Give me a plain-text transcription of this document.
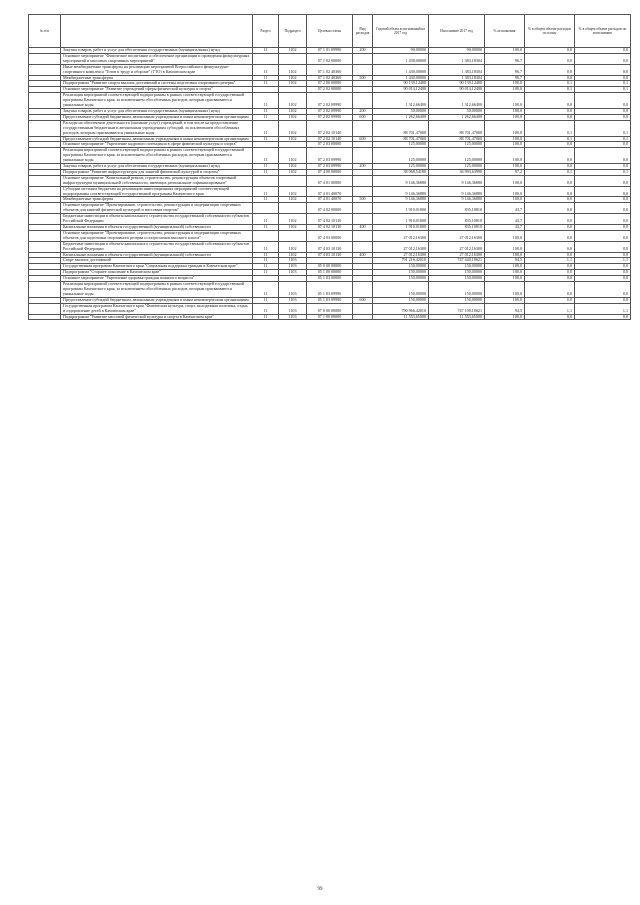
№ п/п		Раздел	Подраздел	Целевая статья	Вид расходов	Годовой объем ассигнований на 2017 год	Исполнение 2017 год	% исполнения	% в общем объеме расходов по плану	% в общем объеме расходов по исполнению
	Закупка товаров, работ и услуг для обеспечения государственных (муниципальных) нужд	11	1102	07 1 01 09990	200	90,00000	90,00000	100,0	0,0	0,0
	Основное мероприятие "Физическое воспитание и обеспечение организации и проведения физкультурных мероприятий и массовых спортивных мероприятий"			07 1 02 00000		1 430,00000	1 383,18304	96,7	0,0	0,0
	Иные межбюджетные трансферты на реализацию мероприятий Всероссийского физкультурно-спортивного комплекса "Готов к труду и обороне" (ГТО) в Камчатском крае	11	1102	07 1 02 40360		1 430,00000	1 383,18304	96,7	0,0	0,0
	Межбюджетные трансферты	11	1102	07 1 02 40360	500	1 430,00000	1 383,18304	96,7	0,0	0,0
	Подпрограмма "Развитие спорта высших достижений и системы подготовки спортивного резерва"	11	1102	07 2 00 00000		90 139,12400	90 139,12400	100,0	0,1	0,1
	Основное мероприятие "Развитие учреждений сферы физической культуры и спорта"			07 2 02 00000		90 014,12400	90 014,12400	100,0	0,1	0,1
	Реализация мероприятий соответствующей подпрограммы в рамках соответствующей государственной программы Камчатского края, за исключением обособленных расходов, которым присваиваются уникальные коды	11	1102	07 2 02 09990		1 312,66400	1 312,66400	100,0	0,0	0,0
	Закупка товаров, работ и услуг для обеспечения государственных (муниципальных) нужд	11	1102	07 2 02 09990	200	50,00000	50,00000	100,0	0,0	0,0
	Предоставление субсидий бюджетным, автономным учреждениям и иным некоммерческим организациям	11	1102	07 2 02 09990	600	1 262,66400	1 262,66400	100,0	0,0	0,0
	Расходы на обеспечение деятельности (оказание услуг) учреждений, в том числе на предоставление государственным бюджетным и автономным учреждениям субсидий, за исключением обособленных расходов, которым присваиваются уникальные коды	11	1102	07 2 02 10140		88 701,47000	88 701,47000	100,0	0,1	0,1
	Предоставление субсидий бюджетным, автономным учреждениям и иным некоммерческим организациям	11	1102	07 2 02 10140	600	88 701,47000	88 701,47000	100,0	0,1	0,1
	Основное мероприятие "Укрепление кадрового потенциала в сфере физической культуры и спорта"			07 2 03 00000		125,00000	125,00000	100,0	0,0	0,0
	Реализация мероприятий соответствующей подпрограммы в рамках соответствующей государственной программы Камчатского края, за исключением обособленных расходов, которым присваиваются уникальные коды	11	1102	07 2 03 09990		125,00000	125,00000	100,0	0,0	0,0
	Закупка товаров, работ и услуг для обеспечения государственных (муниципальных) нужд	11	1102	07 2 03 09990	200	125,00000	125,00000	100,0	0,0	0,0
	Подпрограмма "Развитие инфраструктуры для занятий физической культурой и спортом"	11	1102	07 4 00 00000		38 068,54180	36 993,63990	97,2	0,1	0,1
	Основное мероприятие "Капитальный ремонт, строительство, реконструкция объектов спортивной инфраструктуры муниципальной собственности, имеющих региональное софинансирование"			07 4 01 00000		9 146,36880	9 146,36880	100,0	0,0	0,0
	Субсидии местным бюджетам на реализацию инвестиционных мероприятий соответствующей подпрограммы соответствующей государственной программы Камчатского края	11	1102	07 4 01 40070		9 146,36880	9 146,36880	100,0	0,0	0,0
	Межбюджетные трансферты	11	1102	07 4 01 40070	500	9 146,36880	9 146,36880	100,0	0,0	0,0
	Основное мероприятие "Проектирование, строительство, реконструкция и модернизация спортивных объектов для занятий физической культурой и массовым спортом"			07 4 02 00000		1 910,01000	835,10810	43,7	0,0	0,0
	Бюджетные инвестиции в объекты капитального строительства государственной собственности субъектов Российской Федерации	11	1102	07 4 02 10130		1 910,01000	835,10810	43,7	0,0	0,0
	Капитальные вложения в объекты государственной (муниципальной) собственности	11	1102	07 4 02 10130	400	1 910,01000	835,10810	43,7	0,0	0,0
	Основное мероприятие "Проектирование, строительство, реконструкция и модернизация спортивных объектов для подготовки спортивного резерва и спортсменов высокого класса"			07 4 03 00000		27 012,16300	27 012,16300	100,0	0,0	0,0
	Бюджетные инвестиции в объекты капитального строительства государственной собственности субъектов Российской Федерации	11	1102	07 4 03 10130		27 012,16300	27 012,16300	100,0	0,0	0,0
	Капитальные вложения в объекты государственной (муниципальной) собственности	11	1102	07 4 03 10130	400	27 012,16300	27 012,16300	100,0	0,0	0,0
	Спорт высших достижений	11	1103			791 216,42010	747 440,10621	94,5	1,1	1,1
	Государственная программа Камчатского края "Социальная поддержка граждан в Камчатском крае"	11	1103	05 0 00 00000		150,00000	150,00000	100,0	0,0	0,0
	Подпрограмма "Старшее поколение в Камчатском крае"	11	1103	05 1 00 00000		150,00000	150,00000	100,0	0,0	0,0
	Основное мероприятие "Укрепление здоровья граждан пожилого возраста"			05 1 03 00000		150,00000	150,00000	100,0	0,0	0,0
	Реализация мероприятий соответствующей подпрограммы в рамках соответствующей государственной программы Камчатского края, за исключением обособленных расходов, которым присваиваются уникальные коды	11	1103	05 1 03 09990		150,00000	150,00000	100,0	0,0	0,0
	Предоставление субсидий бюджетным, автономным учреждениям и иным некоммерческим организациям	11	1103	05 1 03 09990	600	150,00000	150,00000	100,0	0,0	0,0
	Государственная программа Камчатского края "Физическая культура, спорт, молодежная политика, отдых и оздоровление детей в Камчатском крае"	11	1103	07 0 00 00000		790 966,42010	747 190,10621	94,5	1,1	1,1
	Подпрограмма "Развитие массовой физической культуры и спорта в Камчатском крае"	11	1103	07 1 00 00000		11 553,65000	11 553,65000	100,0	0,0	0,0
99
